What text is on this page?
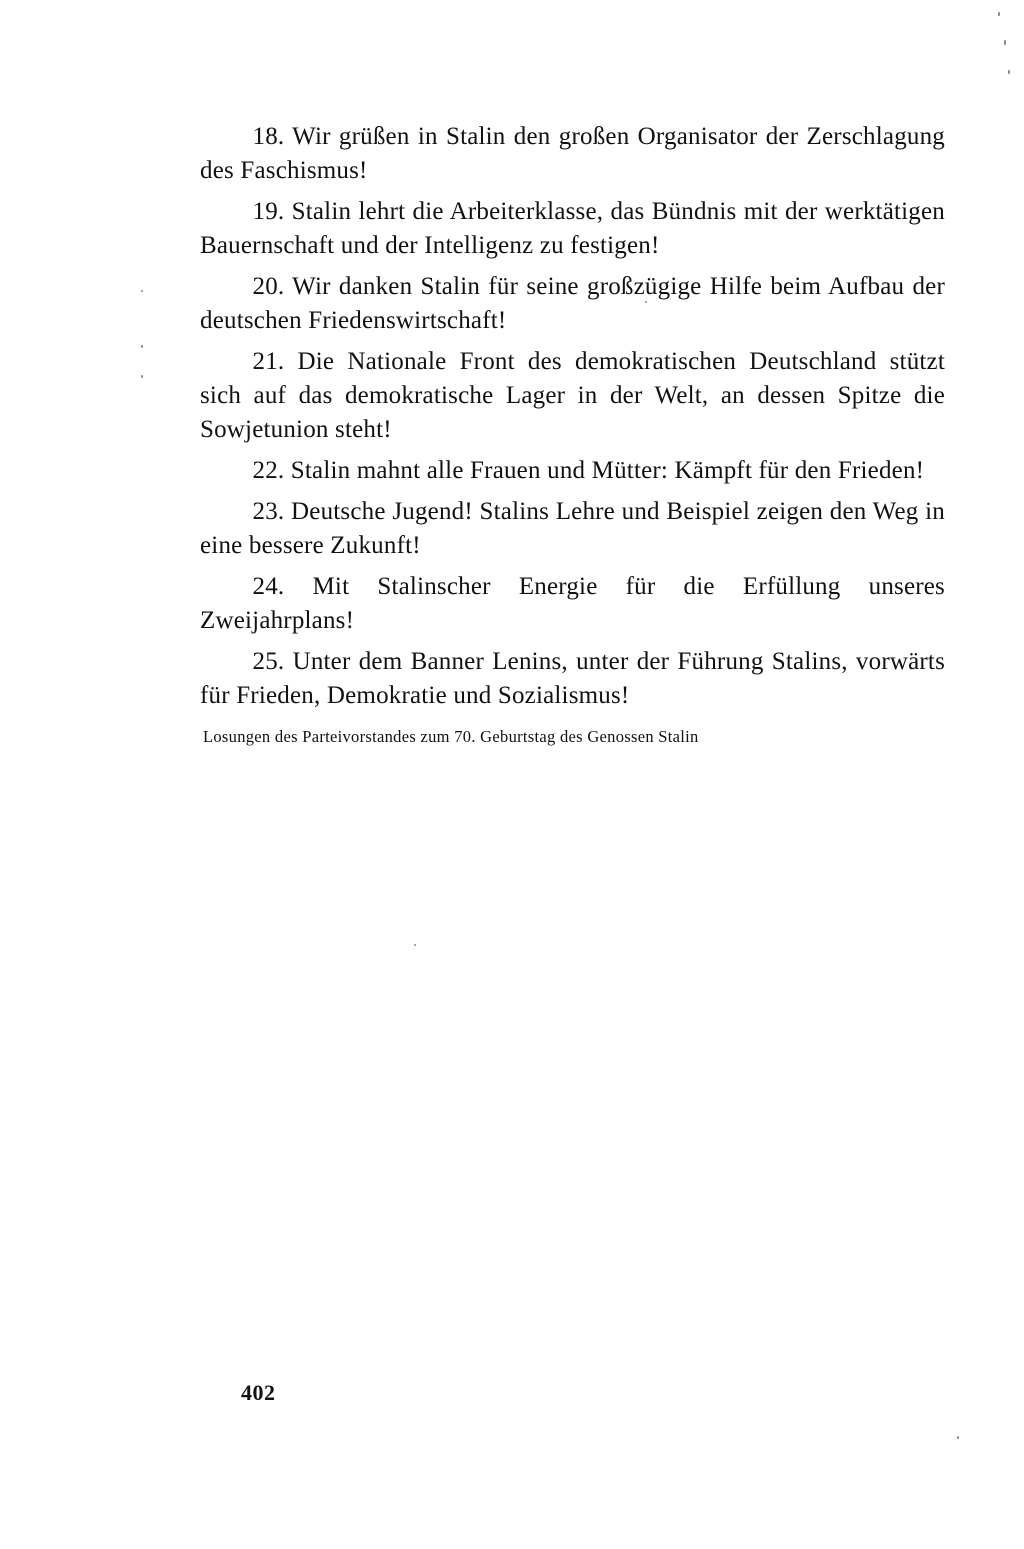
18. Wir grüßen in Stalin den großen Organisator der Zerschlagung des Faschismus!

19. Stalin lehrt die Arbeiterklasse, das Bündnis mit der werktätigen Bauernschaft und der Intelligenz zu festigen!

20. Wir danken Stalin für seine großzügige Hilfe beim Aufbau der deutschen Friedenswirtschaft!

21. Die Nationale Front des demokratischen Deutschland stützt sich auf das demokratische Lager in der Welt, an dessen Spitze die Sowjetunion steht!

22. Stalin mahnt alle Frauen und Mütter: Kämpft für den Frieden!

23. Deutsche Jugend! Stalins Lehre und Beispiel zeigen den Weg in eine bessere Zukunft!

24. Mit Stalinscher Energie für die Erfüllung unseres Zweijahrplans!

25. Unter dem Banner Lenins, unter der Führung Stalins, vorwärts für Frieden, Demokratie und Sozialismus!

Losungen des Parteivorstandes zum 70. Geburtstag des Genossen Stalin
402
